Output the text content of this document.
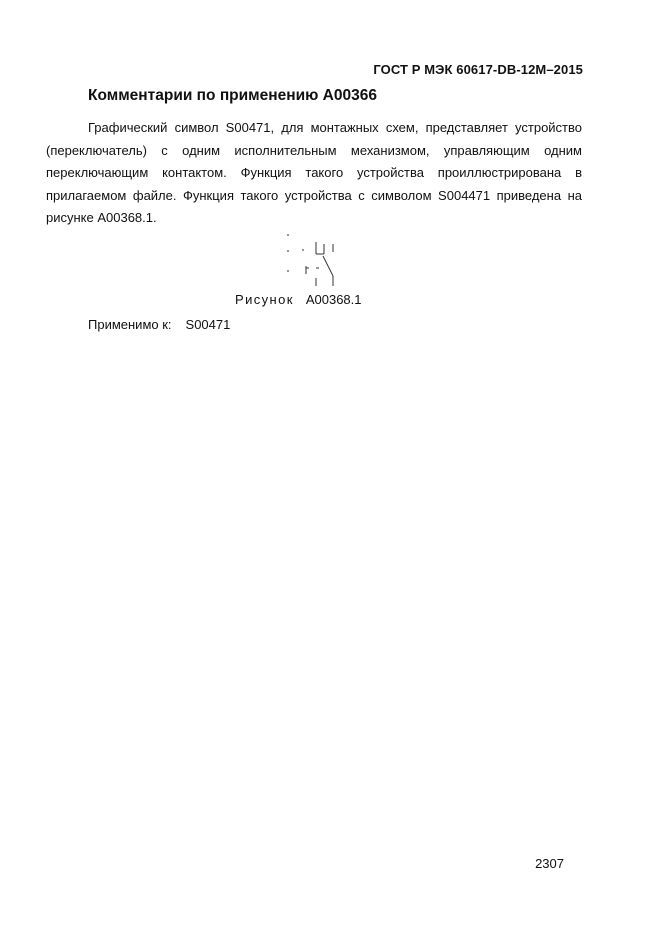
ГОСТ Р МЭК 60617-DB-12M–2015
Комментарии по применению A00366

Графический символ S00471, для монтажных схем, представляет устройство (переключатель) с одним исполнительным механизмом, управляющим одним переключающим контактом. Функция такого устройства проиллюстрирована в прилагаемом файле. Функция такого устройства с символом S004471 приведена на рисунке A00368.1.

Рисунок A00368.1
Применимо к: S00471
2307
